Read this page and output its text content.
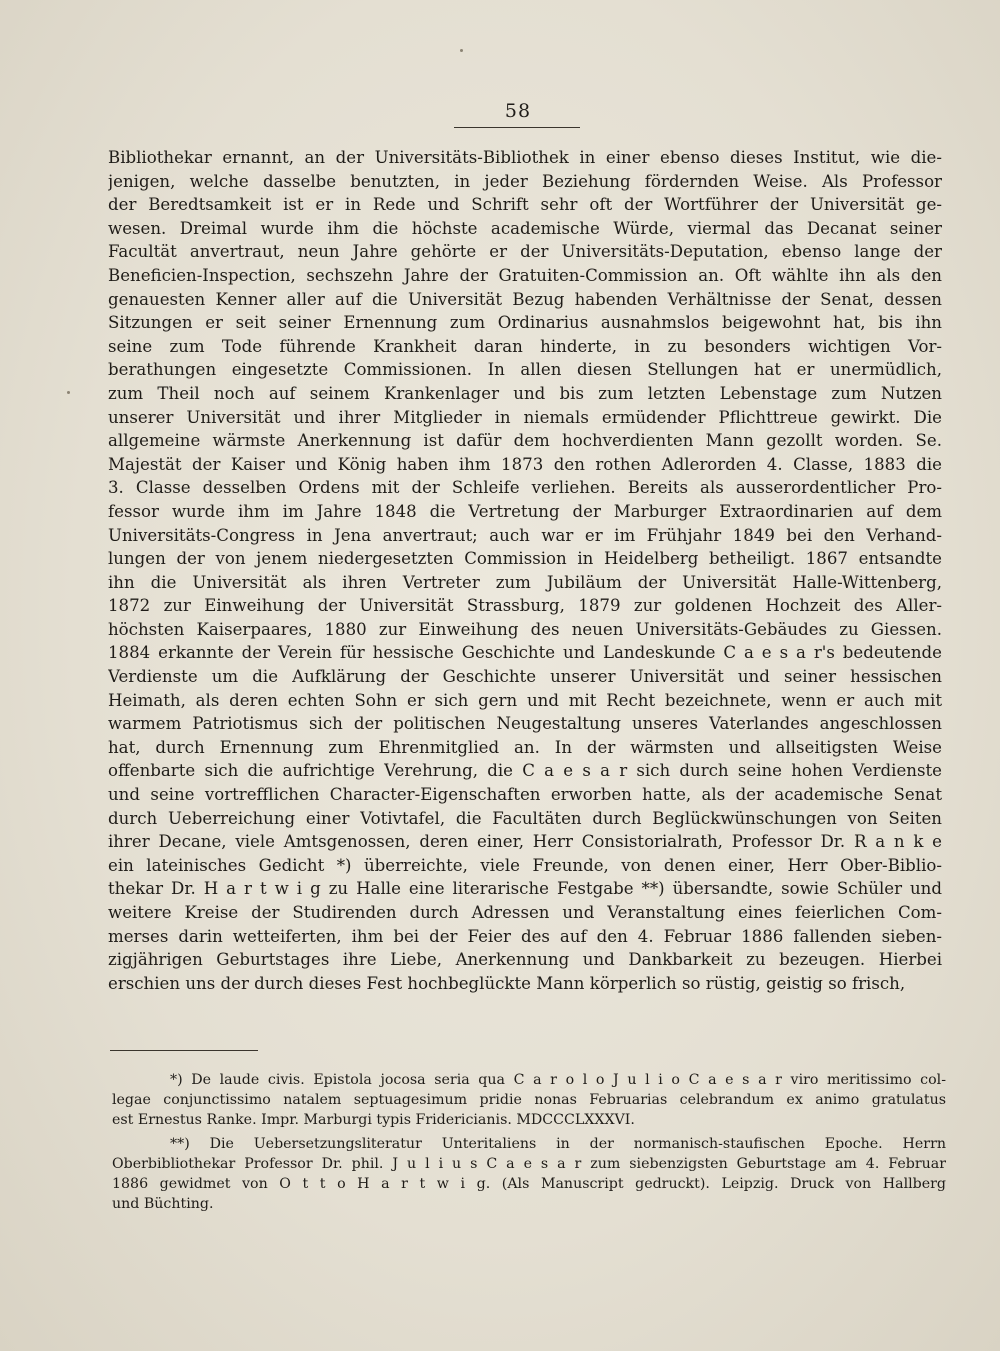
58
Bibliothekar ernannt, an der Universitäts-Bibliothek in einer ebenso dieses Institut, wie die-
jenigen, welche dasselbe benutzten, in jeder Beziehung fördernden Weise. Als Professor
der Beredtsamkeit ist er in Rede und Schrift sehr oft der Wortführer der Universität ge-
wesen. Dreimal wurde ihm die höchste academische Würde, viermal das Decanat seiner
Facultät anvertraut, neun Jahre gehörte er der Universitäts-Deputation, ebenso lange der
Beneficien-Inspection, sechszehn Jahre der Gratuiten-Commission an. Oft wählte ihn als den
genauesten Kenner aller auf die Universität Bezug habenden Verhältnisse der Senat, dessen
Sitzungen er seit seiner Ernennung zum Ordinarius ausnahmslos beigewohnt hat, bis ihn
seine zum Tode führende Krankheit daran hinderte, in zu besonders wichtigen Vor-
berathungen eingesetzte Commissionen. In allen diesen Stellungen hat er unermüdlich,
zum Theil noch auf seinem Krankenlager und bis zum letzten Lebenstage zum Nutzen
unserer Universität und ihrer Mitglieder in niemals ermüdender Pflichttreue gewirkt. Die
allgemeine wärmste Anerkennung ist dafür dem hochverdienten Mann gezollt worden. Se.
Majestät der Kaiser und König haben ihm 1873 den rothen Adlerorden 4. Classe, 1883 die
3. Classe desselben Ordens mit der Schleife verliehen. Bereits als ausserordentlicher Pro-
fessor wurde ihm im Jahre 1848 die Vertretung der Marburger Extraordinarien auf dem
Universitäts-Congress in Jena anvertraut; auch war er im Frühjahr 1849 bei den Verhand-
lungen der von jenem niedergesetzten Commission in Heidelberg betheiligt. 1867 entsandte
ihn die Universität als ihren Vertreter zum Jubiläum der Universität Halle-Wittenberg,
1872 zur Einweihung der Universität Strassburg, 1879 zur goldenen Hochzeit des Aller-
höchsten Kaiserpaares, 1880 zur Einweihung des neuen Universitäts-Gebäudes zu Giessen.
1884 erkannte der Verein für hessische Geschichte und Landeskunde C a e s a r's bedeutende
Verdienste um die Aufklärung der Geschichte unserer Universität und seiner hessischen
Heimath, als deren echten Sohn er sich gern und mit Recht bezeichnete, wenn er auch mit
warmem Patriotismus sich der politischen Neugestaltung unseres Vaterlandes angeschlossen
hat, durch Ernennung zum Ehrenmitglied an. In der wärmsten und allseitigsten Weise
offenbarte sich die aufrichtige Verehrung, die C a e s a r sich durch seine hohen Verdienste
und seine vortrefflichen Character-Eigenschaften erworben hatte, als der academische Senat
durch Ueberreichung einer Votivtafel, die Facultäten durch Beglückwünschungen von Seiten
ihrer Decane, viele Amtsgenossen, deren einer, Herr Consistorialrath, Professor Dr. R a n k e
ein lateinisches Gedicht *) überreichte, viele Freunde, von denen einer, Herr Ober-Biblio-
thekar Dr. H a r t w i g zu Halle eine literarische Festgabe **) übersandte, sowie Schüler und
weitere Kreise der Studirenden durch Adressen und Veranstaltung eines feierlichen Com-
merses darin wetteiferten, ihm bei der Feier des auf den 4. Februar 1886 fallenden sieben-
zigjährigen Geburtstages ihre Liebe, Anerkennung und Dankbarkeit zu bezeugen. Hierbei
erschien uns der durch dieses Fest hochbeglückte Mann körperlich so rüstig, geistig so frisch,
*) De laude civis. Epistola jocosa seria qua C a r o l o J u l i o C a e s a r viro meritissimo col-
legae conjunctissimo natalem septuagesimum pridie nonas Februarias celebrandum ex animo gratulatus
est Ernestus Ranke. Impr. Marburgi typis Fridericianis. MDCCCLXXXVI.
**) Die Uebersetzungsliteratur Unteritaliens in der normanisch-staufischen Epoche. Herrn
Oberbibliothekar Professor Dr. phil. J u l i u s C a e s a r zum siebenzigsten Geburtstage am 4. Februar
1886 gewidmet von O t t o H a r t w i g. (Als Manuscript gedruckt). Leipzig. Druck von Hallberg
und Büchting.
